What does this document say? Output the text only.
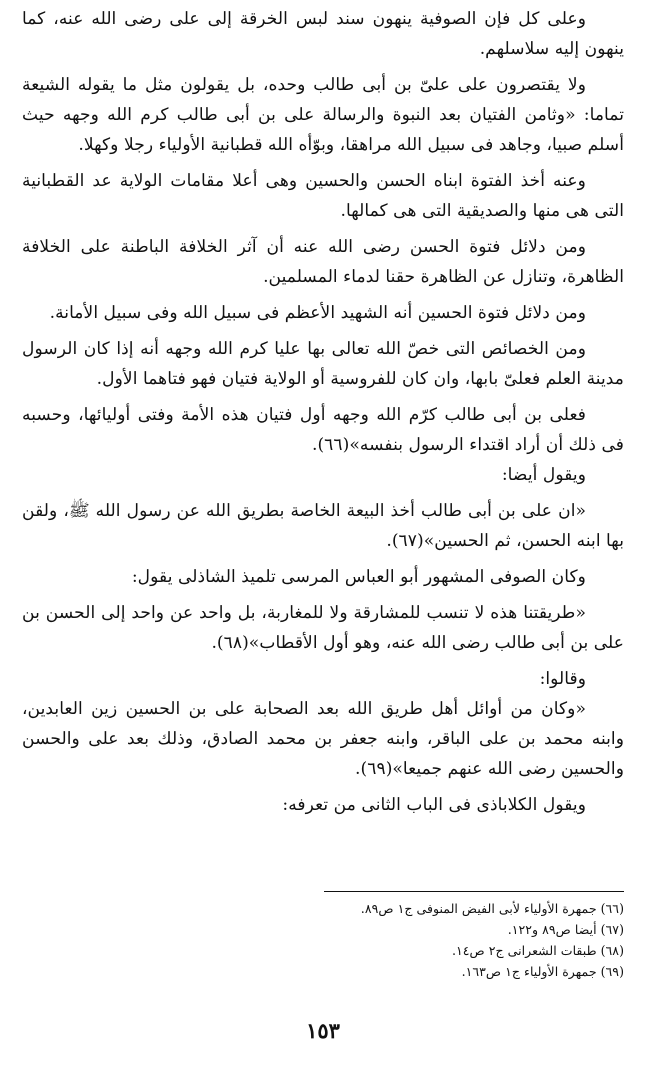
وعلى كل فإن الصوفية ينهون سند لبس الخرقة إلى على رضى الله عنه، كما ينهون إليه سلاسلهم.

ولا يقتصرون على علىّ بن أبى طالب وحده، بل يقولون مثل ما يقوله الشيعة تماما: «وثامن الفتيان بعد النبوة والرسالة على بن أبى طالب كرم الله وجهه حيث أسلم صبيا، وجاهد فى سبيل الله مراهقا، وبوّأه الله قطبانية الأولياء رجلا وكهلا.

وعنه أخذ الفتوة ابناه الحسن والحسين وهى أعلا مقامات الولاية عد القطبانية التى هى منها والصديقية التى هى كمالها.

ومن دلائل فتوة الحسن رضى الله عنه أن آثر الخلافة الباطنة على الخلافة الظاهرة، وتنازل عن الظاهرة حقنا لدماء المسلمين.

ومن دلائل فتوة الحسين أنه الشهيد الأعظم فى سبيل الله وفى سبيل الأمانة.

ومن الخصائص التى خصّ الله تعالى بها عليا كرم الله وجهه أنه إذا كان الرسول مدينة العلم فعلىّ بابها، وان كان للفروسية أو الولاية فتيان فهو فتاهما الأول.

فعلى بن أبى طالب كرّم الله وجهه أول فتيان هذه الأمة وفتى أوليائها، وحسبه فى ذلك أن أراد اقتداء الرسول بنفسه»(٦٦).

ويقول أيضا:

«ان على بن أبى طالب أخذ البيعة الخاصة بطريق الله عن رسول الله ﷺ، ولقن بها ابنه الحسن، ثم الحسين»(٦٧).

وكان الصوفى المشهور أبو العباس المرسى تلميذ الشاذلى يقول:

«طريقتنا هذه لا تنسب للمشارقة ولا للمغاربة، بل واحد عن واحد إلى الحسن بن على بن أبى طالب رضى الله عنه، وهو أول الأقطاب»(٦٨).

وقالوا:

«وكان من أوائل أهل طريق الله بعد الصحابة على بن الحسين زين العابدين، وابنه محمد بن على الباقر، وابنه جعفر بن محمد الصادق، وذلك بعد على والحسن والحسين رضى الله عنهم جميعا»(٦٩).

ويقول الكلاباذى فى الباب الثانى من تعرفه:

(٦٦) جمهرة الأولياء لأبى الفيض المنوفى ج١ ص٨٩.

(٦٧) أيضا ص٨٩ و١٢٢.

(٦٨) طبقات الشعرانى ج٢ ص١٤.

(٦٩) جمهرة الأولياء ج١ ص١٦٣.

١٥٣
